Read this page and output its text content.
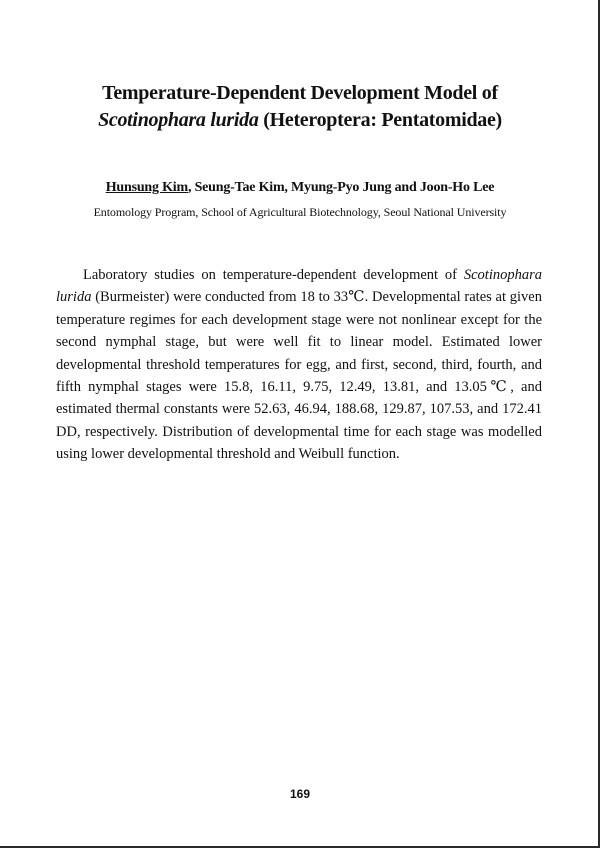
Temperature-Dependent Development Model of
Scotinophara lurida (Heteroptera: Pentatomidae)
Hunsung Kim, Seung-Tae Kim, Myung-Pyo Jung and Joon-Ho Lee
Entomology Program, School of Agricultural Biotechnology, Seoul National University

Laboratory studies on temperature-dependent development of Scotinophara lurida (Burmeister) were conducted from 18 to 33℃. Developmental rates at given temperature regimes for each development stage were not nonlinear except for the second nymphal stage, but were well fit to linear model. Estimated lower developmental threshold temperatures for egg, and first, second, third, fourth, and fifth nymphal stages were 15.8, 16.11, 9.75, 12.49, 13.81, and 13.05℃, and estimated thermal constants were 52.63, 46.94, 188.68, 129.87, 107.53, and 172.41 DD, respectively. Distribution of developmental time for each stage was modelled using lower developmental threshold and Weibull function.

169
